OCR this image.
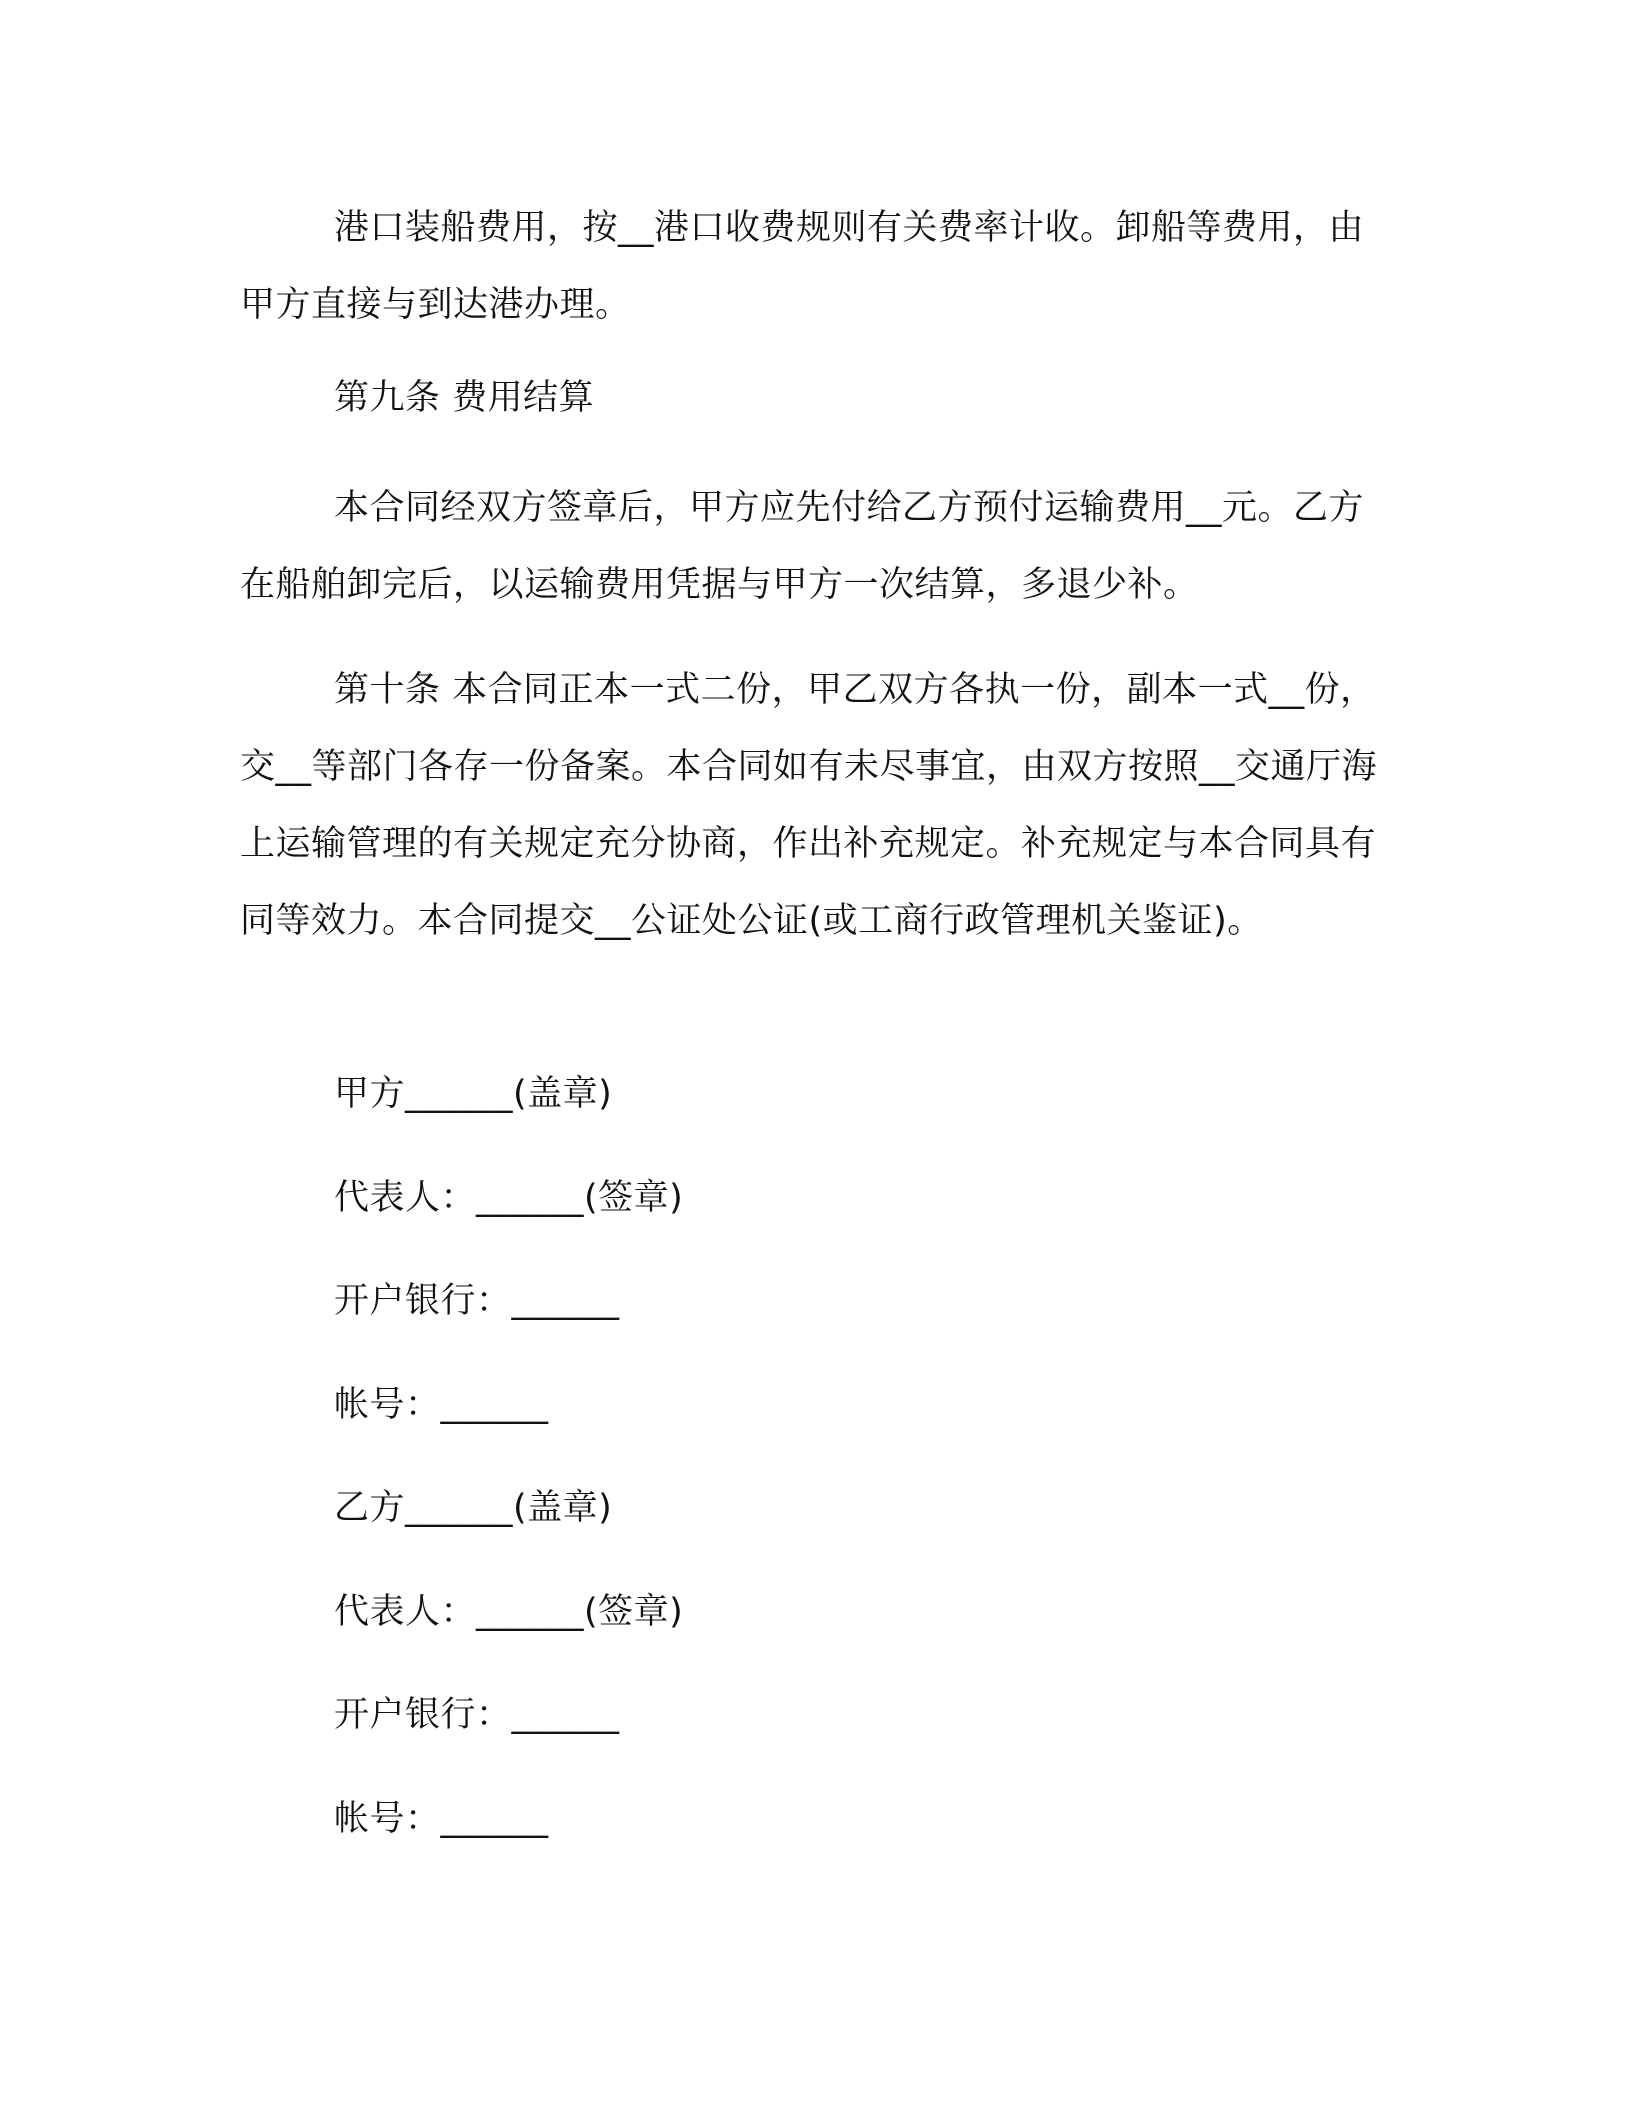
港口装船费用，按__港口收费规则有关费率计收。卸船等费用，由甲方直接与到达港办理。

第九条 费用结算

本合同经双方签章后，甲方应先付给乙方预付运输费用__元。乙方在船舶卸完后，以运输费用凭据与甲方一次结算，多退少补。

第十条 本合同正本一式二份，甲乙双方各执一份，副本一式__份，交__等部门各存一份备案。本合同如有未尽事宜，由双方按照__交通厅海上运输管理的有关规定充分协商，作出补充规定。补充规定与本合同具有同等效力。本合同提交__公证处公证(或工商行政管理机关鉴证)。

甲方______(盖章)

代表人：______(签章)

开户银行：______

帐号：______

乙方______(盖章)

代表人：______(签章)

开户银行：______

帐号：______
